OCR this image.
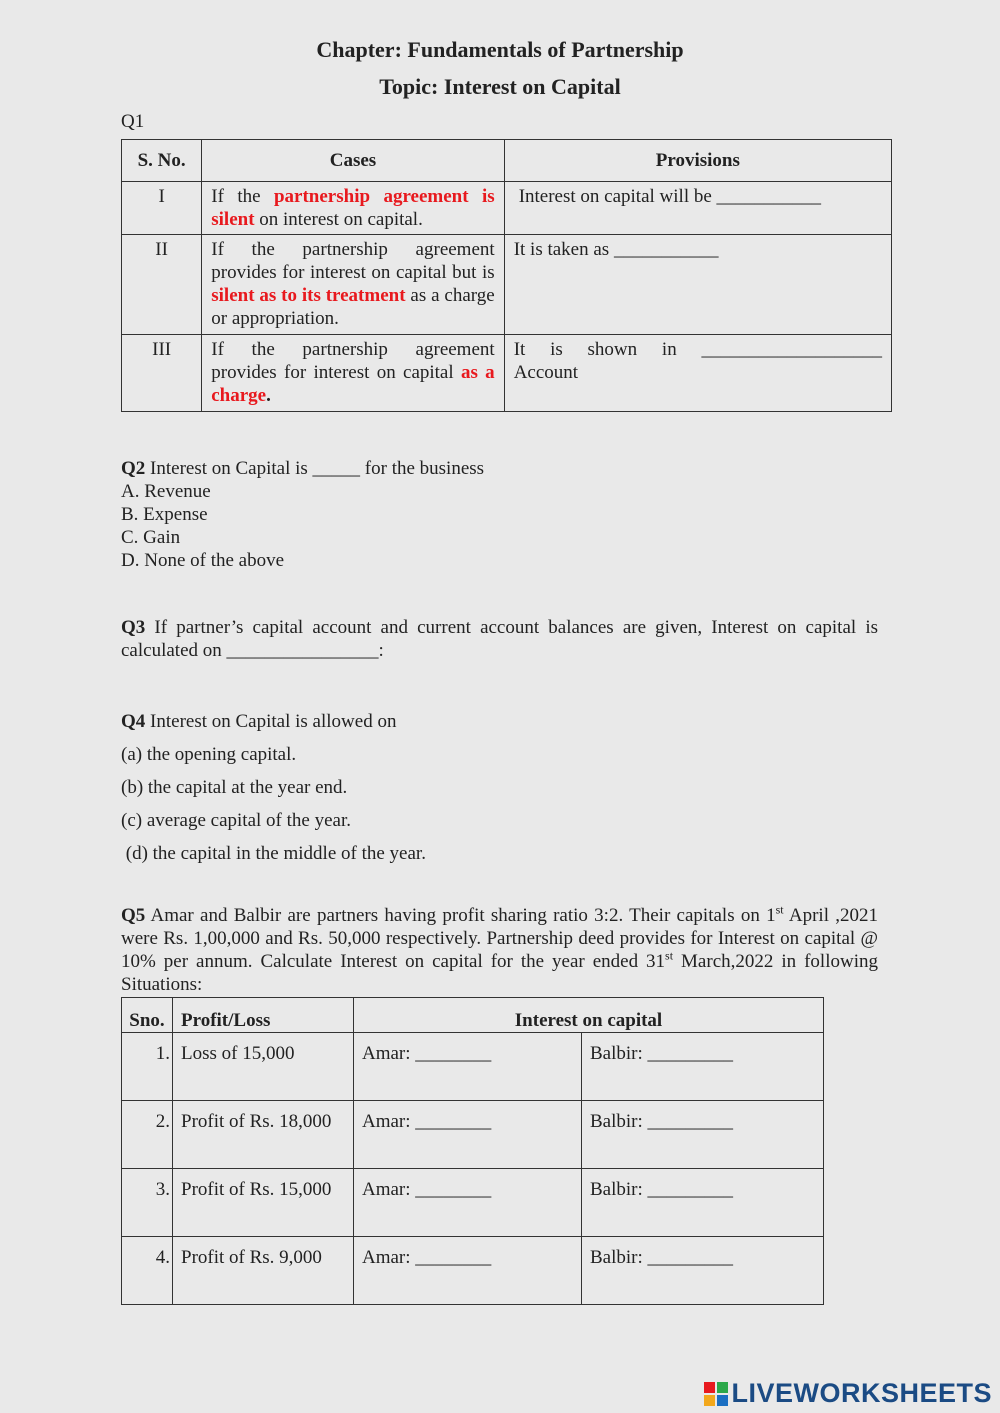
Chapter: Fundamentals of Partnership
Topic: Interest on Capital
Q1
S. No.	Cases	Provisions
I	If the partnership agreement is silent on interest on capital.	Interest on capital will be ___________
II	If the partnership agreement provides for interest on capital but is silent as to its treatment as a charge or appropriation.	It is taken as ___________
III	If the partnership agreement provides for interest on capital as a charge.	It is shown in ___________________
Account
Q2 Interest on Capital is _____ for the business
A. Revenue
B. Expense
C. Gain
D. None of the above
Q3 If partner’s capital account and current account balances are given, Interest on capital is calculated on ________________:
Q4 Interest on Capital is allowed on
(a) the opening capital.
(b) the capital at the year end.
(c) average capital of the year.
(d) the capital in the middle of the year.
Q5 Amar and Balbir are partners having profit sharing ratio 3:2. Their capitals on 1st April ,2021 were Rs. 1,00,000 and Rs. 50,000 respectively. Partnership deed provides for Interest on capital @ 10% per annum. Calculate Interest on capital for the year ended 31st March,2022 in following Situations:
Sno.	Profit/Loss	Interest on capital	
1.	Loss of 15,000	Amar: ________	Balbir: _________
2.	Profit of Rs. 18,000	Amar: ________	Balbir: _________
3.	Profit of Rs. 15,000	Amar: ________	Balbir: _________
4.	Profit of Rs. 9,000	Amar: ________	Balbir: _________
LIVEWORKSHEETS
